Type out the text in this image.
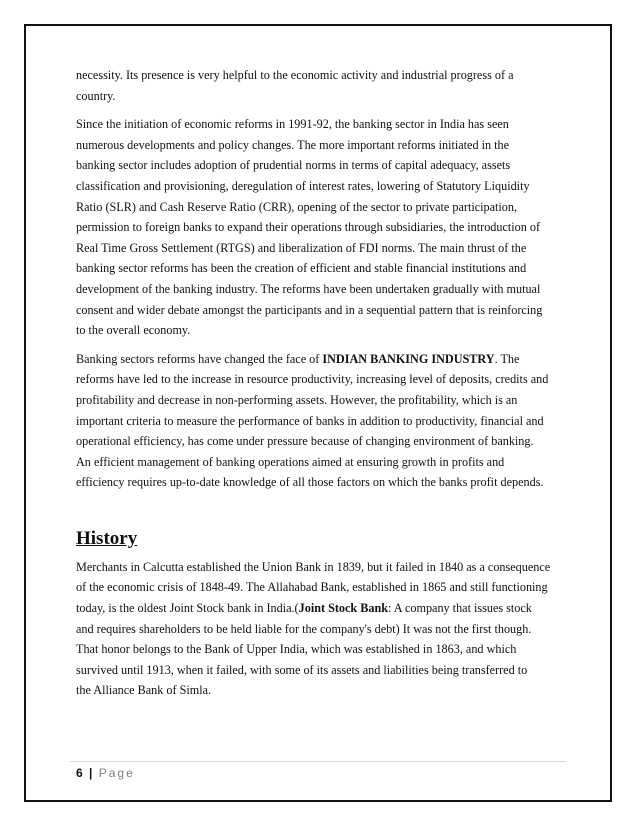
necessity. Its presence is very helpful to the economic activity and industrial progress of a
country.
Since the initiation of economic reforms in 1991-92, the banking sector in India has seen
numerous developments and policy changes. The more important reforms initiated in the
banking sector includes adoption of prudential norms in terms of capital adequacy, assets
classification and provisioning, deregulation of interest rates, lowering of Statutory Liquidity
Ratio (SLR) and Cash Reserve Ratio (CRR), opening of the sector to private participation,
permission to foreign banks to expand their operations through subsidiaries, the introduction of
Real Time Gross Settlement (RTGS) and liberalization of FDI norms. The main thrust of the
banking sector reforms has been the creation of efficient and stable financial institutions and
development of the banking industry. The reforms have been undertaken gradually with mutual
consent and wider debate amongst the participants and in a sequential pattern that is reinforcing
to the overall economy.
Banking sectors reforms have changed the face of INDIAN BANKING INDUSTRY. The
reforms have led to the increase in resource productivity, increasing level of deposits, credits and
profitability and decrease in non-performing assets. However, the profitability, which is an
important criteria to measure the performance of banks in addition to productivity, financial and
operational efficiency, has come under pressure because of changing environment of banking.
An efficient management of banking operations aimed at ensuring growth in profits and
efficiency requires up-to-date knowledge of all those factors on which the banks profit depends.
History
Merchants in Calcutta established the Union Bank in 1839, but it failed in 1840 as a consequence
of the economic crisis of 1848-49. The Allahabad Bank, established in 1865 and still functioning
today, is the oldest Joint Stock bank in India.(Joint Stock Bank: A company that issues stock
and requires shareholders to be held liable for the company's debt) It was not the first though.
That honor belongs to the Bank of Upper India, which was established in 1863, and which
survived until 1913, when it failed, with some of its assets and liabilities being transferred to
the Alliance Bank of Simla.
6 | Page
